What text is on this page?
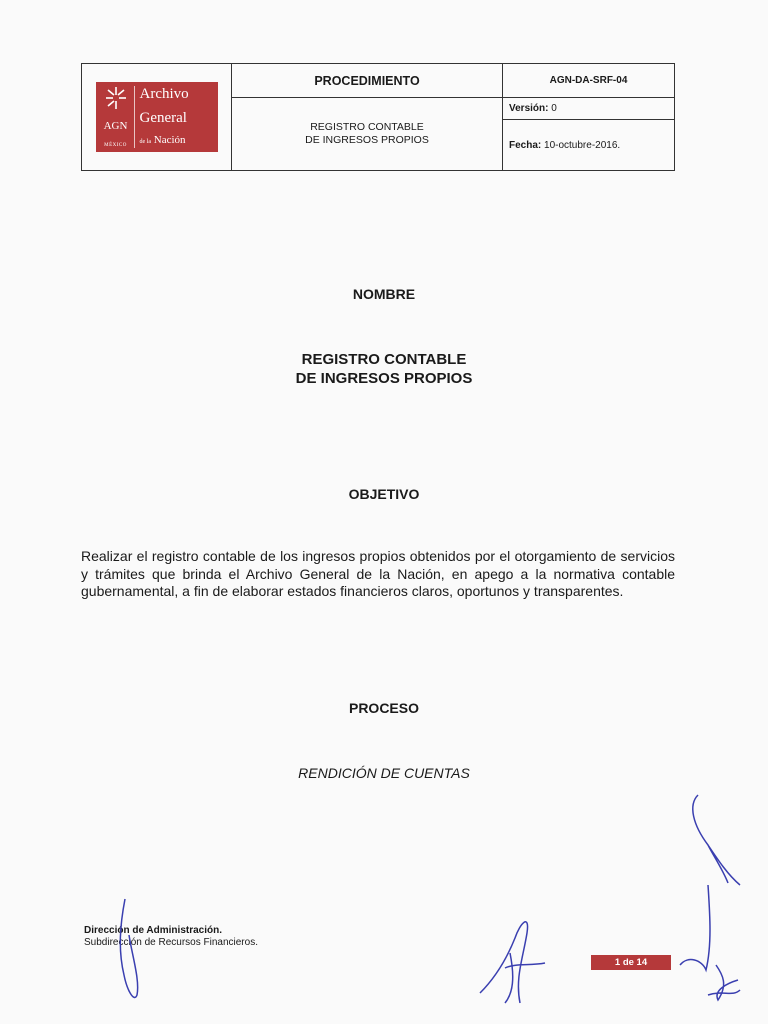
AGN
MÉXICO
Archivo
General
de la Nación
PROCEDIMIENTO
REGISTRO CONTABLE
DE INGRESOS PROPIOS
AGN-DA-SRF-04
Versión:
0
Fecha:
10-octubre-2016.
NOMBRE
REGISTRO CONTABLE
DE INGRESOS PROPIOS
OBJETIVO
Realizar el registro contable de los ingresos propios obtenidos por el otorgamiento de servicios y trámites que brinda el Archivo General de la Nación, en apego a la normativa contable gubernamental, a fin de elaborar estados financieros claros, oportunos y transparentes.
PROCESO
RENDICIÓN DE CUENTAS
Dirección de Administración.
Subdirección de Recursos Financieros.
1 de 14
